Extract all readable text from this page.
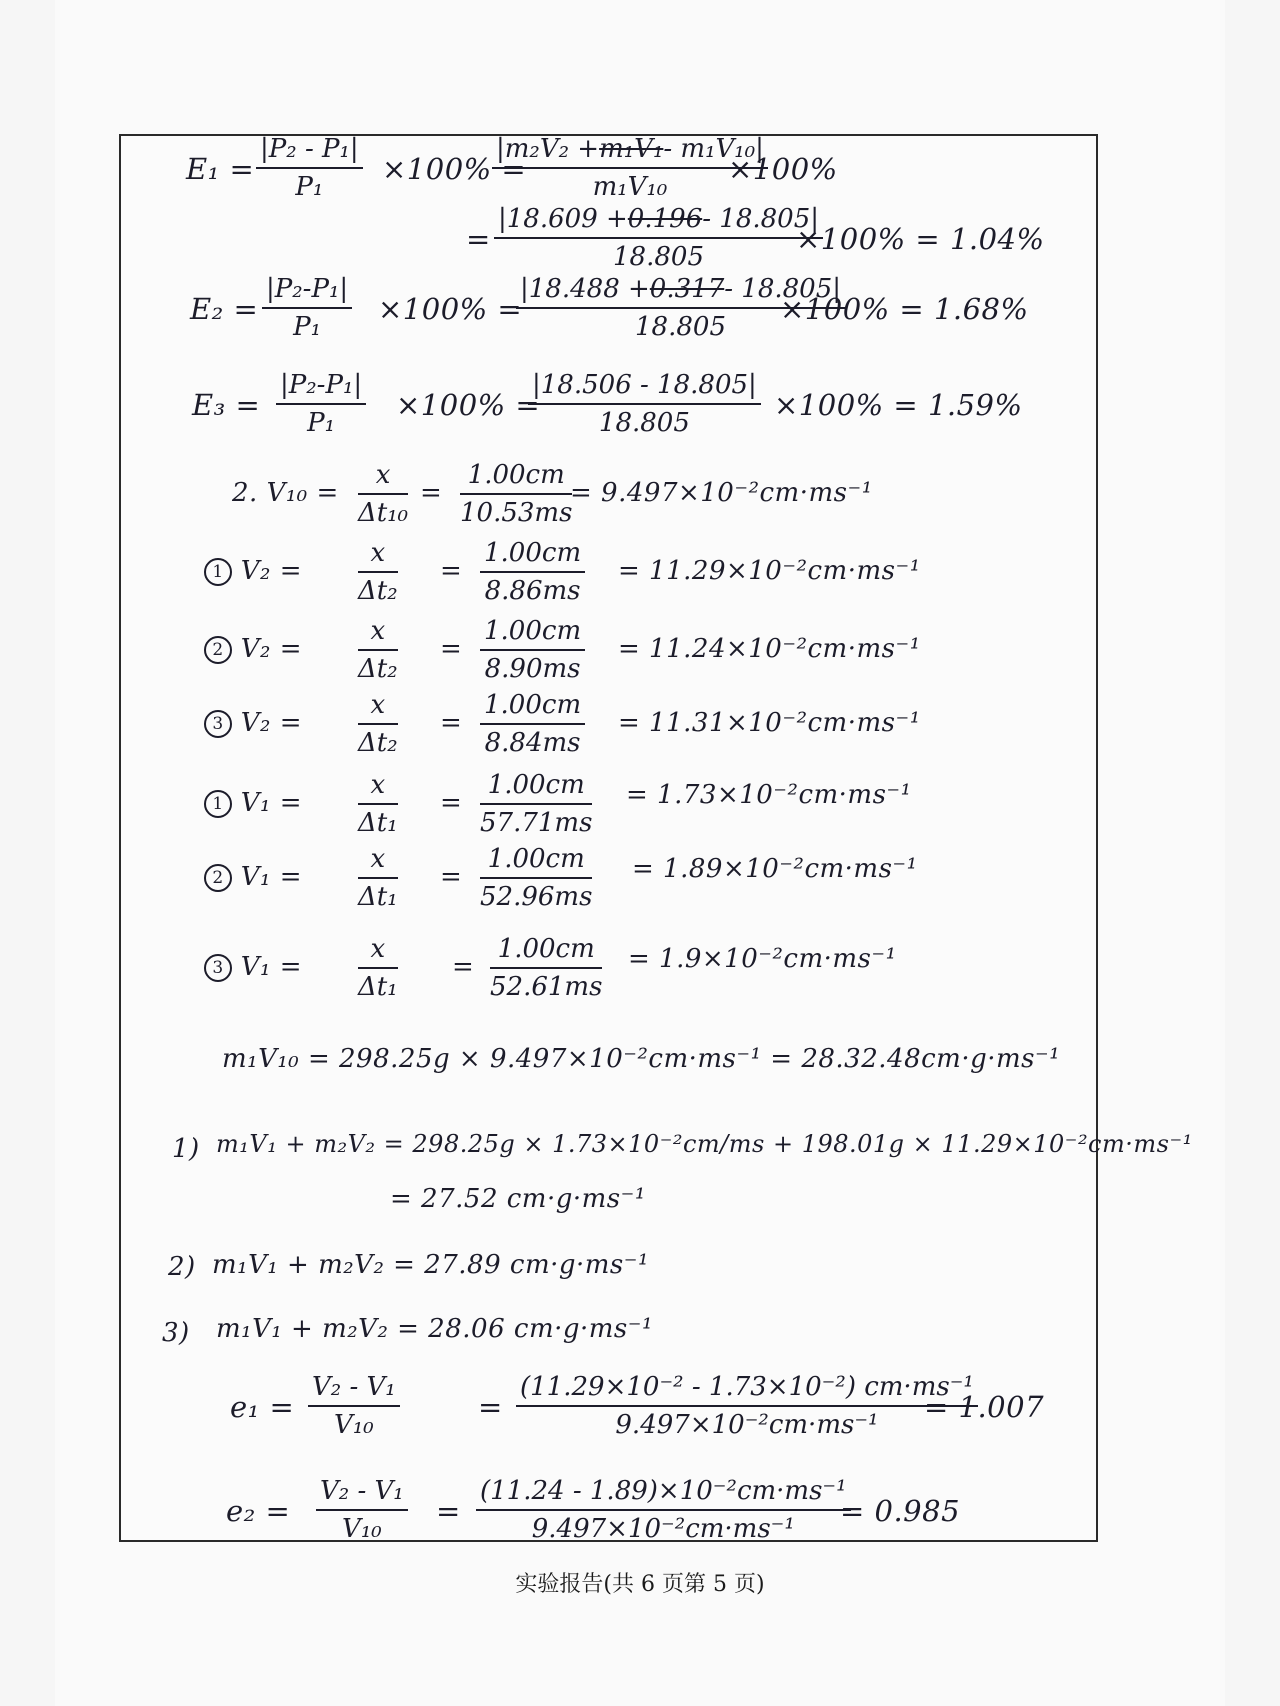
$E_1 = \frac{\text{|P₂ - P₁|}}{\text{P₁}} \times 100\%$ =
$\frac{\text{|m₂V₂ +m₁V₁- m₁V₁₀|}}{\text{m₁V₁₀}}$
×100%
= $\frac{|18.609 +0.196- 18.805|}{18.805}$
×100% = 1.04%
$E_2 = \frac{\text{|P₂-P₁|}}{\text{P₁}} \times 100\%$ =
$\frac{|18.488 +0.317- 18.805|}{18.805}$
×100% = 1.68%
$E_3 = \frac{\text{|P₂-P₁|}}{\text{P₁}} \times 100\%$ =
$\frac{|18.506 - 18.805|}{18.805} \times 100\% = 1.59\%$
2. $V_{10} = \frac{x}{\text{Δt₁₀}} = \frac{1.00cm}{10.53ms}$
= 9.497×10⁻²cm·ms⁻¹
1 $V_2 = \frac{x}{\text{Δt₂}} = \frac{1.00cm}{8.86ms} = 11.29\times 10^{-2}cm\cdot ms^{-1}$
2 $V_2 = \frac{x}{\text{Δt₂}} = \frac{1.00cm}{8.90ms} = 11.24\times 10^{-2}cm\cdot ms^{-1}$
3 $V_2 = \frac{x}{\text{Δt₂}} = \frac{1.00cm}{8.84ms} = 11.31\times 10^{-2}cm\cdot ms^{-1}$
1 $V_1 = \frac{x}{\text{Δt₁}} = \frac{1.00cm}{57.71ms} = 1.73\times 10^{-2}cm\cdot ms^{-1}$
2 $V_1 = \frac{x}{\text{Δt₁}} = \frac{1.00cm}{52.96ms} = 1.89\times 10^{-2}cm\cdot ms^{-1}$
3 $V_1 = \frac{x}{\text{Δt₁}} = \frac{1.00cm}{52.61ms} = 1.9\times 10^{-2}cm\cdot ms^{-1}$
m₁V₁₀ = 298.25g × 9.497×10⁻²cm·ms⁻¹ = 28.32.48cm·g·ms⁻¹
1) m₁V₁ + m₂V₂ = 298.25g × 1.73×10⁻²cm/ms + 198.01g × 11.29×10⁻²cm·ms⁻¹
= 27.52 cm·g·ms⁻¹
2) m₁V₁ + m₂V₂ = 27.89 cm·g·ms⁻¹
3) m₁V₁ + m₂V₂ = 28.06 cm·g·ms⁻¹
$e_1 = \frac{\text{V₂ - V₁}}{\text{V₁₀}}$	= $\frac{\text{(11.29×10⁻² - 1.73×10⁻²) cm·ms⁻¹}}{\text{9.497×10⁻²cm·ms⁻¹}}$
= 1.007
$e_2 = \frac{\text{V₂ - V₁}}{\text{V₁₀}} = \frac{\text{(11.24 - 1.89)×10⁻²cm·ms⁻¹}}{\text{9.497×10⁻²cm·ms⁻¹}}$
= 0.985
实验报告(共 6 页第 5 页)
